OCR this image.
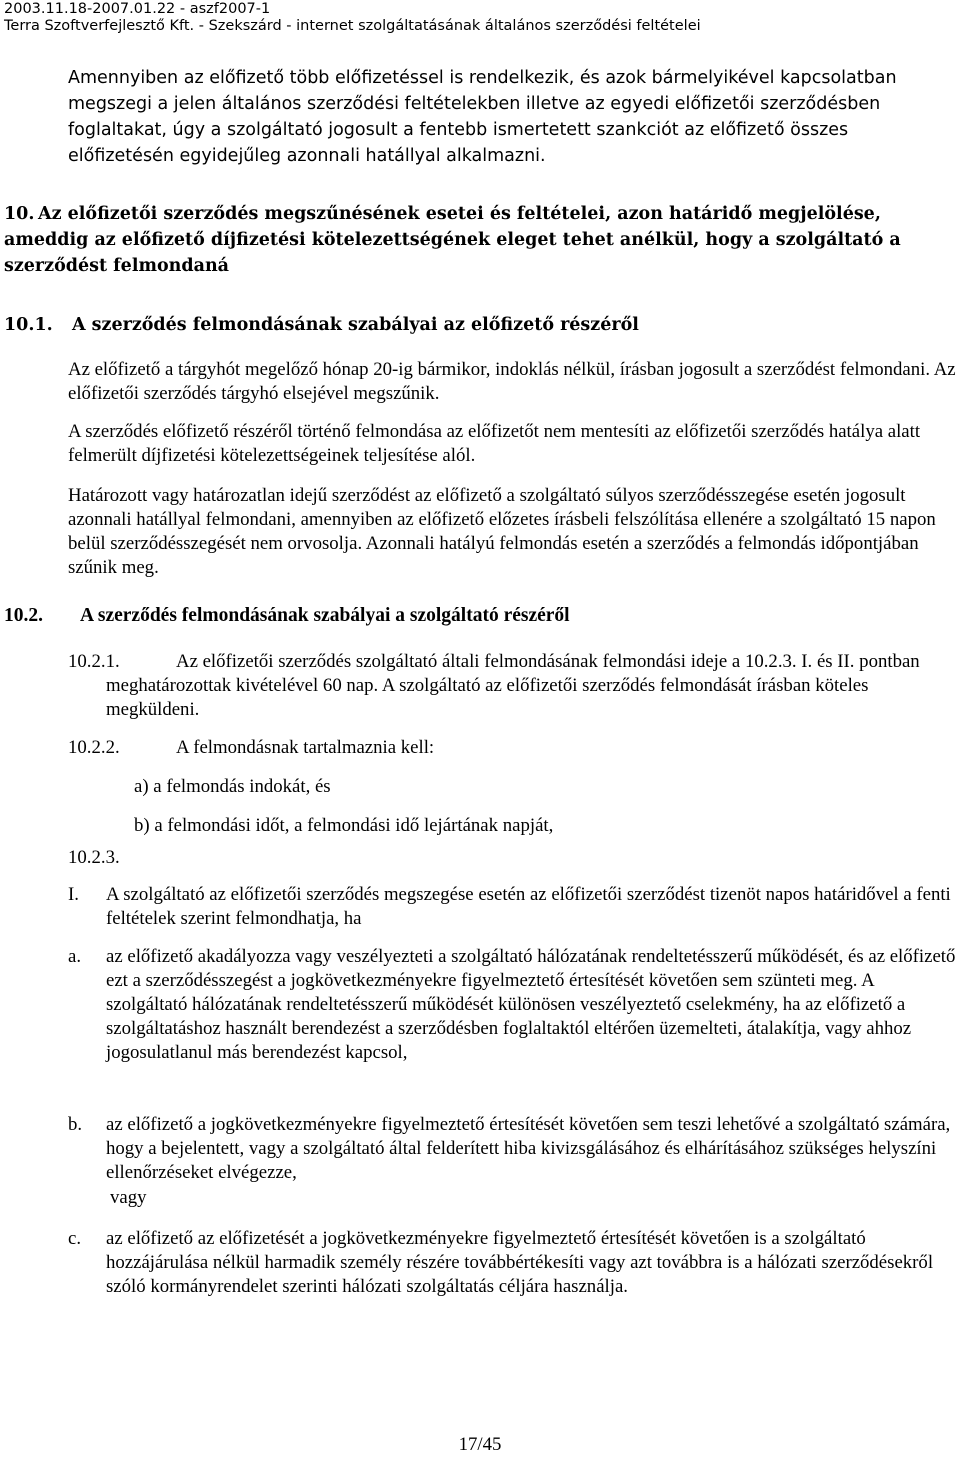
2003.11.18-2007.01.22 - aszf2007-1
Terra Szoftverfejlesztő Kft. - Szekszárd - internet szolgáltatásának általános szerződési feltételei
Amennyiben az előfizető több előfizetéssel is rendelkezik, és azok bármelyikével kapcsolatban megszegi a jelen általános szerződési feltételekben illetve az egyedi előfizetői szerződésben foglaltakat, úgy a szolgáltató jogosult a fentebb ismertetett szankciót az előfizető összes előfizetésén egyidejűleg azonnali hatállyal alkalmazni.
10. Az előfizetői szerződés megszűnésének esetei és feltételei, azon határidő megjelölése, ameddig az előfizető díjfizetési kötelezettségének eleget tehet anélkül, hogy a szolgáltató a szerződést felmondaná
10.1. A szerződés felmondásának szabályai az előfizető részéről
Az előfizető a tárgyhót megelőző hónap 20-ig bármikor, indoklás nélkül, írásban jogosult a szerződést felmondani. Az előfizetői szerződés tárgyhó elsejével megszűnik.
A szerződés előfizető részéről történő felmondása az előfizetőt nem mentesíti az előfizetői szerződés hatálya alatt felmerült díjfizetési kötelezettségeinek teljesítése alól.
Határozott vagy határozatlan idejű szerződést az előfizető a szolgáltató súlyos szerződésszegése esetén jogosult azonnali hatállyal felmondani, amennyiben az előfizető előzetes írásbeli felszólítása ellenére a szolgáltató 15 napon belül szerződésszegését nem orvosolja. Azonnali hatályú felmondás esetén a szerződés a felmondás időpontjában szűnik meg.
10.2. A szerződés felmondásának szabályai a szolgáltató részéről
10.2.1.	Az előfizetői szerződés szolgáltató általi felmondásának felmondási ideje a 10.2.3. I. és II. pontban meghatározottak kivételével 60 nap. A szolgáltató az előfizetői szerződés felmondását írásban köteles megküldeni.
10.2.2.	A felmondásnak tartalmaznia kell:
a) a felmondás indokát, és
b) a felmondási időt, a felmondási idő lejártának napját,
10.2.3.
I. A szolgáltató az előfizetői szerződés megszegése esetén az előfizetői szerződést tizenöt napos határidővel a fenti feltételek szerint felmondhatja, ha
a. az előfizető akadályozza vagy veszélyezteti a szolgáltató hálózatának rendeltetésszerű működését, és az előfizető ezt a szerződésszegést a jogkövetkezményekre figyelmeztető értesítését követően sem szünteti meg. A szolgáltató hálózatának rendeltetésszerű működését különösen veszélyeztető cselekmény, ha az előfizető a szolgáltatáshoz használt berendezést a szerződésben foglaltaktól eltérően üzemelteti, átalakítja, vagy ahhoz jogosulatlanul más berendezést kapcsol,
b. az előfizető a jogkövetkezményekre figyelmeztető értesítését követően sem teszi lehetővé a szolgáltató számára, hogy a bejelentett, vagy a szolgáltató által felderített hiba kivizsgálásához és elhárításához szükséges helyszíni ellenőrzéseket elvégezze,
vagy
c. az előfizető az előfizetését a jogkövetkezményekre figyelmeztető értesítését követően is a szolgáltató hozzájárulása nélkül harmadik személy részére továbbértékesíti vagy azt továbbra is a hálózati szerződésekről szóló kormányrendelet szerinti hálózati szolgáltatás céljára használja.
17/45
